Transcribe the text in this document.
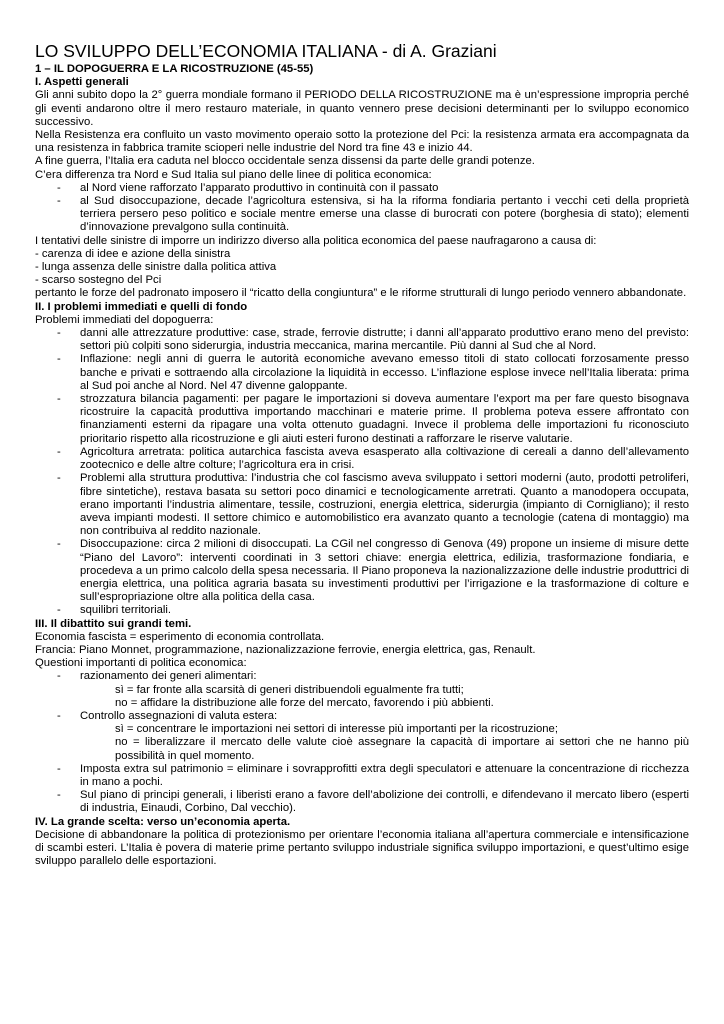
LO SVILUPPO DELL’ECONOMIA ITALIANA - di A. Graziani
1 – IL DOPOGUERRA E LA RICOSTRUZIONE (45-55)
I. Aspetti generali

Gli anni subito dopo la 2° guerra mondiale formano il PERIODO DELLA RICOSTRUZIONE ma è un’espressione impropria perché gli eventi andarono oltre il mero restauro materiale, in quanto vennero prese decisioni determinanti per lo sviluppo economico successivo.

Nella Resistenza era confluito un vasto movimento operaio sotto la protezione del Pci: la resistenza armata era accompagnata da una resistenza in fabbrica tramite scioperi nelle industrie del Nord tra fine 43 e inizio 44.

A fine guerra, l’Italia era caduta nel blocco occidentale senza dissensi da parte delle grandi potenze.

C’era differenza tra Nord e Sud Italia sul piano delle linee di politica economica:

- al Nord viene rafforzato l’apparato produttivo in continuità con il passato
- al Sud disoccupazione, decade l’agricoltura estensiva, si ha la riforma fondiaria pertanto i vecchi ceti della proprietà terriera persero peso politico e sociale mentre emerse una classe di burocrati con potere (borghesia di stato); elementi d’innovazione prevalgono sulla continuità.

I tentativi delle sinistre di imporre un indirizzo diverso alla politica economica del paese naufragarono a causa di:

- carenza di idee e azione della sinistra

- lunga assenza delle sinistre dalla politica attiva

- scarso sostegno del Pci

pertanto le forze del padronato imposero il “ricatto della congiuntura” e le riforme strutturali di lungo periodo vennero abbandonate.

II. I problemi immediati e quelli di fondo

Problemi immediati del dopoguerra:

- danni alle attrezzature produttive: case, strade, ferrovie distrutte; i danni all’apparato produttivo erano meno del previsto: settori più colpiti sono siderurgia, industria meccanica, marina mercantile. Più danni al Sud che al Nord.
- Inflazione: negli anni di guerra le autorità economiche avevano emesso titoli di stato collocati forzosamente presso banche e privati e sottraendo alla circolazione la liquidità in eccesso. L’inflazione esplose invece nell’Italia liberata: prima al Sud poi anche al Nord. Nel 47 divenne galoppante.
- strozzatura bilancia pagamenti: per pagare le importazioni si doveva aumentare l’export ma per fare questo bisognava ricostruire la capacità produttiva importando macchinari e materie prime. Il problema poteva essere affrontato con finanziamenti esterni da ripagare una volta ottenuto guadagni. Invece il problema delle importazioni fu riconosciuto prioritario rispetto alla ricostruzione e gli aiuti esteri furono destinati a rafforzare le riserve valutarie.
- Agricoltura arretrata: politica autarchica fascista aveva esasperato alla coltivazione di cereali a danno dell’allevamento zootecnico e delle altre colture; l’agricoltura era in crisi.
- Problemi alla struttura produttiva: l’industria che col fascismo aveva sviluppato i settori moderni (auto, prodotti petroliferi, fibre sintetiche), restava basata su settori poco dinamici e tecnologicamente arretrati. Quanto a manodopera occupata, erano importanti l’industria alimentare, tessile, costruzioni, energia elettrica, siderurgia (impianto di Cornigliano); il resto aveva impianti modesti. Il settore chimico e automobilistico era avanzato quanto a tecnologie (catena di montaggio) ma non contribuiva al reddito nazionale.
- Disoccupazione: circa 2 milioni di disoccupati. La CGil nel congresso di Genova (49) propone un insieme di misure dette “Piano del Lavoro”: interventi coordinati in 3 settori chiave: energia elettrica, edilizia, trasformazione fondiaria, e procedeva a un primo calcolo della spesa necessaria. Il Piano proponeva la nazionalizzazione delle industrie produttrici di energia elettrica, una politica agraria basata su investimenti produttivi per l’irrigazione e la trasformazione di colture e sull’espropriazione oltre alla politica della casa.
- squilibri territoriali.
III. Il dibattito sui grandi temi.

Economia fascista = esperimento di economia controllata.

Francia: Piano Monnet, programmazione, nazionalizzazione ferrovie, energia elettrica, gas, Renault.

Questioni importanti di politica economica:

- razionamento dei generi alimentari:
sì = far fronte alla scarsità di generi distribuendoli egualmente fra tutti;
no = affidare la distribuzione alle forze del mercato, favorendo i più abbienti.
- Controllo assegnazioni di valuta estera:
sì = concentrare le importazioni nei settori di interesse più importanti per la ricostruzione;
no = liberalizzare il mercato delle valute cioè assegnare la capacità di importare ai settori che ne hanno più possibilità in quel momento.
- Imposta extra sul patrimonio = eliminare i sovrapprofitti extra degli speculatori e attenuare la concentrazione di ricchezza in mano a pochi.
- Sul piano di principi generali, i liberisti erano a favore dell’abolizione dei controlli, e difendevano il mercato libero (esperti di industria, Einaudi, Corbino, Dal vecchio).
IV. La grande scelta: verso un’economia aperta.

Decisione di abbandonare la politica di protezionismo per orientare l’economia italiana all’apertura commerciale e intensificazione di scambi esteri. L’Italia è povera di materie prime pertanto sviluppo industriale significa sviluppo importazioni, e quest’ultimo esige sviluppo parallelo delle esportazioni.
